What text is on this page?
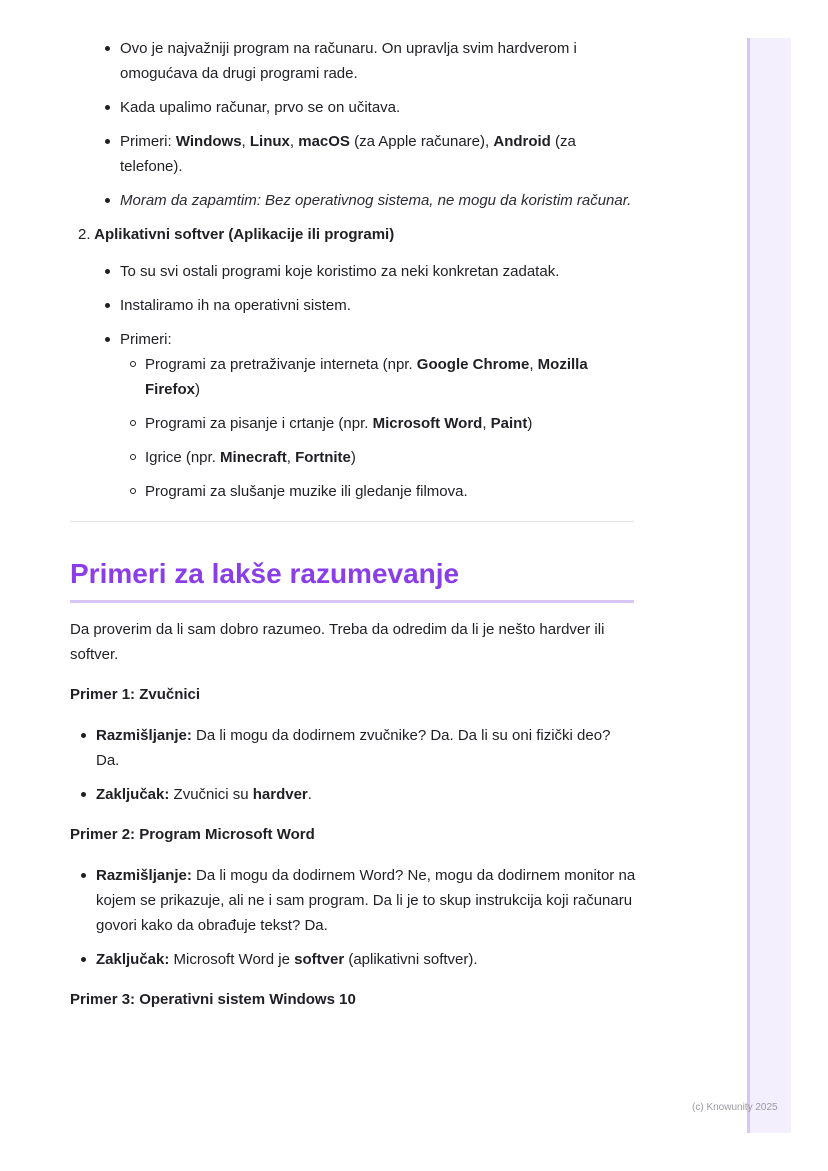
Ovo je najvažniji program na računaru. On upravlja svim hardverom i omogućava da drugi programi rade.
Kada upalimo računar, prvo se on učitava.
Primeri: Windows, Linux, macOS (za Apple računare), Android (za telefone).
Moram da zapamtim: Bez operativnog sistema, ne mogu da koristim računar.
2. Aplikativni softver (Aplikacije ili programi)
To su svi ostali programi koje koristimo za neki konkretan zadatak.
Instaliramo ih na operativni sistem.
Primeri:
Programi za pretraživanje interneta (npr. Google Chrome, Mozilla Firefox)
Programi za pisanje i crtanje (npr. Microsoft Word, Paint)
Igrice (npr. Minecraft, Fortnite)
Programi za slušanje muzike ili gledanje filmova.
Primeri za lakše razumevanje

Da proverim da li sam dobro razumeo. Treba da odredim da li je nešto hardver ili softver.

Primer 1: Zvučnici
Razmišljanje: Da li mogu da dodirnem zvučnike? Da. Da li su oni fizički deo? Da.
Zaključak: Zvučnici su hardver.
Primer 2: Program Microsoft Word
Razmišljanje: Da li mogu da dodirnem Word? Ne, mogu da dodirnem monitor na kojem se prikazuje, ali ne i sam program. Da li je to skup instrukcija koji računaru govori kako da obrađuje tekst? Da.
Zaključak: Microsoft Word je softver (aplikativni softver).
Primer 3: Operativni sistem Windows 10
(c) Knowunity 2025
